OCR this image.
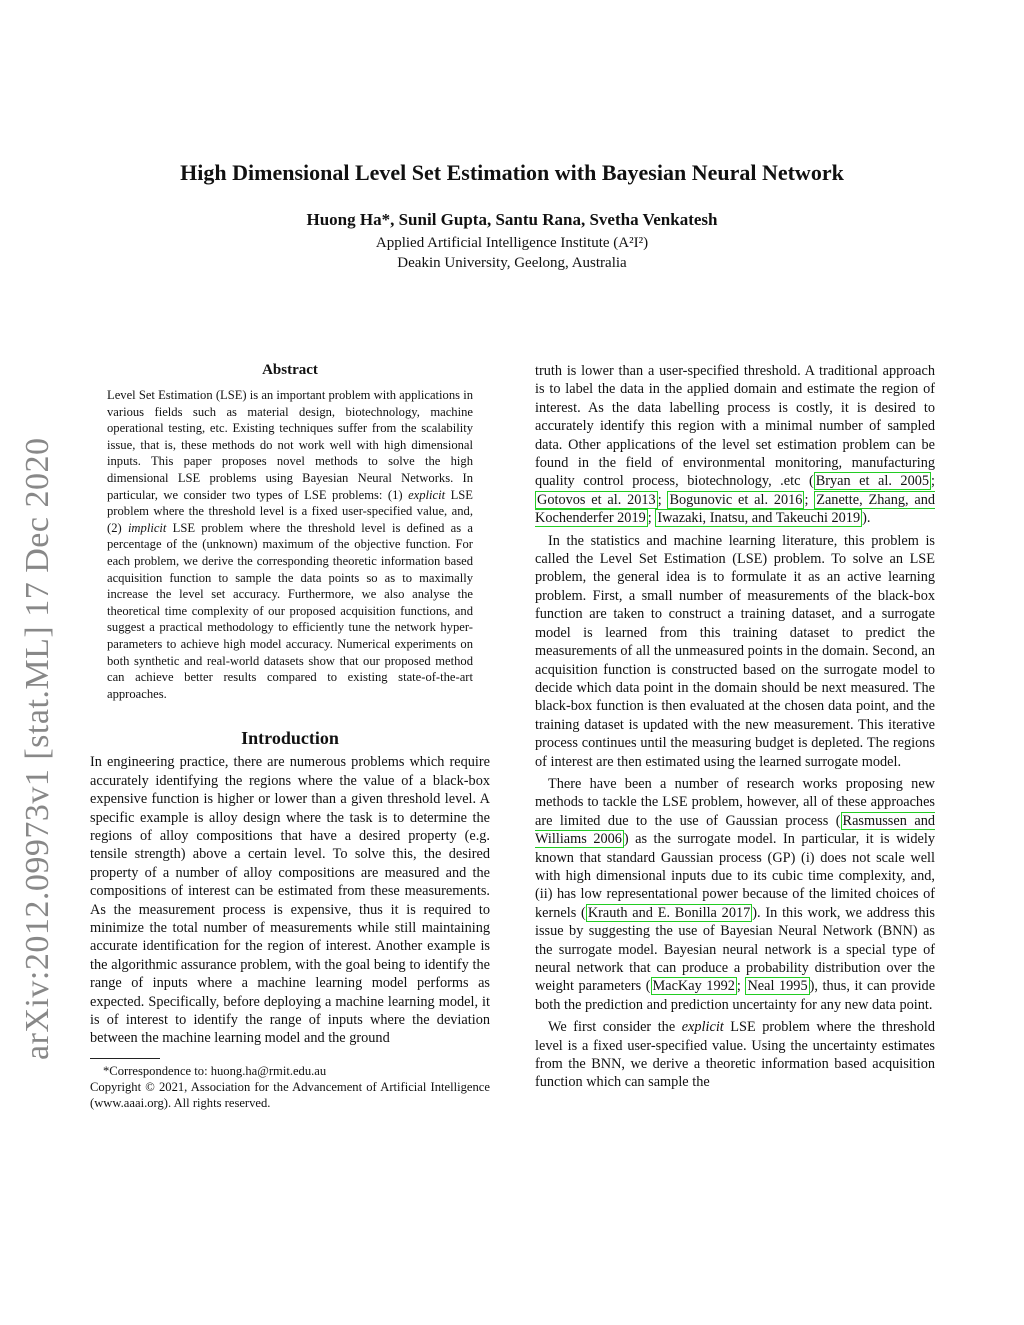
arXiv:2012.09973v1 [stat.ML] 17 Dec 2020
High Dimensional Level Set Estimation with Bayesian Neural Network
Huong Ha*, Sunil Gupta, Santu Rana, Svetha Venkatesh
Applied Artificial Intelligence Institute (A²I²)
Deakin University, Geelong, Australia
Abstract

Level Set Estimation (LSE) is an important problem with applications in various fields such as material design, biotechnology, machine operational testing, etc. Existing techniques suffer from the scalability issue, that is, these methods do not work well with high dimensional inputs. This paper proposes novel methods to solve the high dimensional LSE problems using Bayesian Neural Networks. In particular, we consider two types of LSE problems: (1) explicit LSE problem where the threshold level is a fixed user-specified value, and, (2) implicit LSE problem where the threshold level is defined as a percentage of the (unknown) maximum of the objective function. For each problem, we derive the corresponding theoretic information based acquisition function to sample the data points so as to maximally increase the level set accuracy. Furthermore, we also analyse the theoretical time complexity of our proposed acquisition functions, and suggest a practical methodology to efficiently tune the network hyper-parameters to achieve high model accuracy. Numerical experiments on both synthetic and real-world datasets show that our proposed method can achieve better results compared to existing state-of-the-art approaches.

Introduction

In engineering practice, there are numerous problems which require accurately identifying the regions where the value of a black-box expensive function is higher or lower than a given threshold level. A specific example is alloy design where the task is to determine the regions of alloy compositions that have a desired property (e.g. tensile strength) above a certain level. To solve this, the desired property of a number of alloy compositions are measured and the compositions of interest can be estimated from these measurements. As the measurement process is expensive, thus it is required to minimize the total number of measurements while still maintaining accurate identification for the region of interest. Another example is the algorithmic assurance problem, with the goal being to identify the range of inputs where a machine learning model performs as expected. Specifically, before deploying a machine learning model, it is of interest to identify the range of inputs where the deviation between the machine learning model and the ground

*Correspondence to: huong.ha@rmit.edu.au

Copyright © 2021, Association for the Advancement of Artificial Intelligence (www.aaai.org). All rights reserved.

truth is lower than a user-specified threshold. A traditional approach is to label the data in the applied domain and estimate the region of interest. As the data labelling process is costly, it is desired to accurately identify this region with a minimal number of sampled data. Other applications of the level set estimation problem can be found in the field of environmental monitoring, manufacturing quality control process, biotechnology, .etc ( Bryan et al. 2005 ; Gotovos et al. 2013 ; Bogunovic et al. 2016 ; Zanette, Zhang, and Kochenderfer 2019 ; Iwazaki, Inatsu, and Takeuchi 2019 ).

In the statistics and machine learning literature, this problem is called the Level Set Estimation (LSE) problem. To solve an LSE problem, the general idea is to formulate it as an active learning problem. First, a small number of measurements of the black-box function are taken to construct a training dataset, and a surrogate model is learned from this training dataset to predict the measurements of all the unmeasured points in the domain. Second, an acquisition function is constructed based on the surrogate model to decide which data point in the domain should be next measured. The black-box function is then evaluated at the chosen data point, and the training dataset is updated with the new measurement. This iterative process continues until the measuring budget is depleted. The regions of interest are then estimated using the learned surrogate model.

There have been a number of research works proposing new methods to tackle the LSE problem, however, all of these approaches are limited due to the use of Gaussian process ( Rasmussen and Williams 2006 ) as the surrogate model. In particular, it is widely known that standard Gaussian process (GP) (i) does not scale well with high dimensional inputs due to its cubic time complexity, and, (ii) has low representational power because of the limited choices of kernels ( Krauth and E. Bonilla 2017 ). In this work, we address this issue by suggesting the use of Bayesian Neural Network (BNN) as the surrogate model. Bayesian neural network is a special type of neural network that can produce a probability distribution over the weight parameters ( MacKay 1992 ; Neal 1995 ), thus, it can provide both the prediction and prediction uncertainty for any new data point.

We first consider the explicit LSE problem where the threshold level is a fixed user-specified value. Using the uncertainty estimates from the BNN, we derive a theoretic information based acquisition function which can sample the
